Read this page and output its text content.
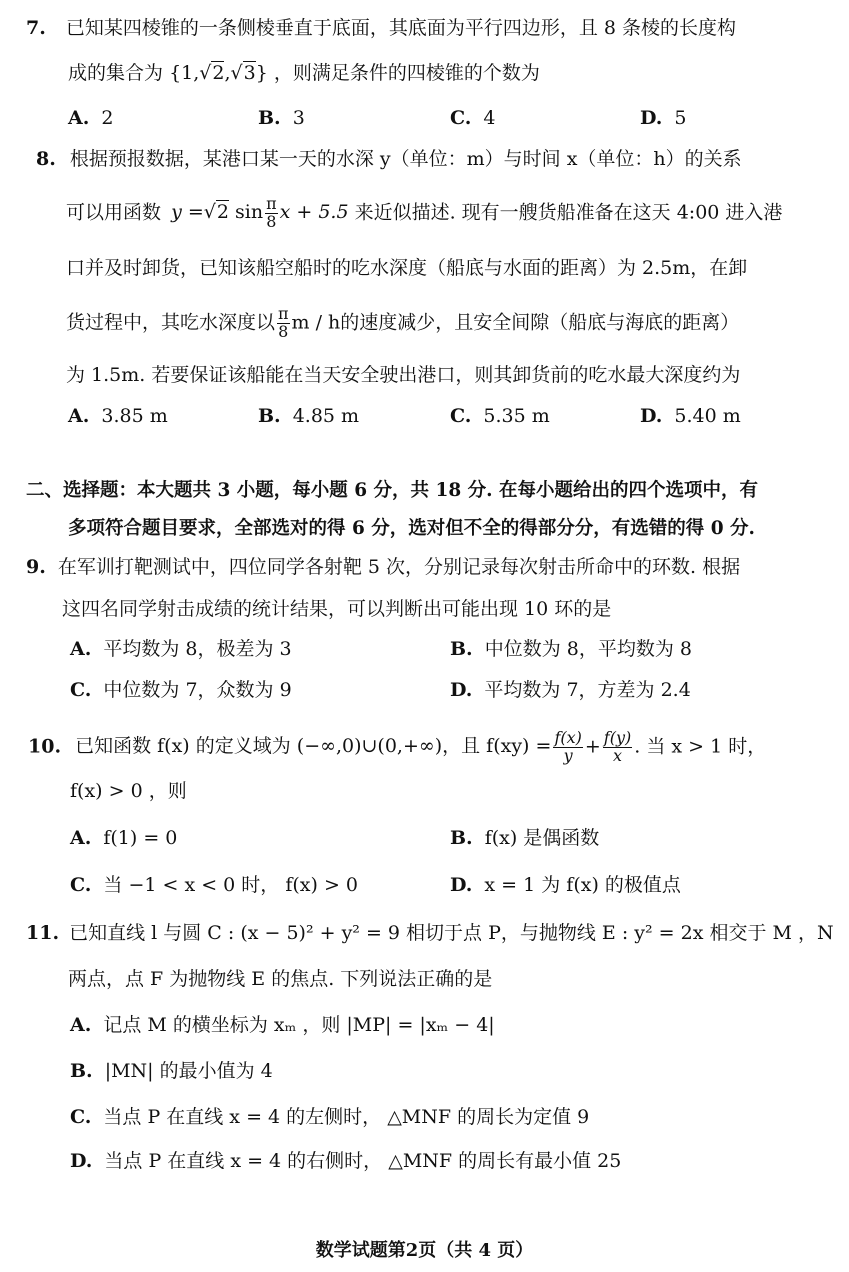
7. 已知某四棱锥的一条侧棱垂直于底面，其底面为平行四边形，且 8 条棱的长度构
成的集合为 {1,√2,√3} ，则满足条件的四棱锥的个数为
A. 2	B. 3	C. 4	D. 5
8. 根据预报数据，某港口某一天的水深 y（单位：m）与时间 x（单位：h）的关系
可以用函数 y =√2 $\sin \frac{\pi}{8}$ x + 5.5 来近似描述. 现有一艘货船准备在这天 4:00 进入港
口并及时卸货，已知该船空船时的吃水深度（船底与水面的距离）为 2.5m，在卸
货过程中，其吃水深度以 $\frac{\pi}{8}$ m / h的速度减少，且安全间隙（船底与海底的距离）
为 1.5m. 若要保证该船能在当天安全驶出港口，则其卸货前的吃水最大深度约为
A. 3.85 m	B. 4.85 m	C. 5.35 m	D. 5.40 m
二、选择题：本大题共 3 小题，每小题 6 分，共 18 分. 在每小题给出的四个选项中，有
多项符合题目要求，全部选对的得 6 分，选对但不全的得部分分，有选错的得 0 分.
9. 在军训打靶测试中，四位同学各射靶 5 次，分别记录每次射击所命中的环数. 根据
这四名同学射击成绩的统计结果，可以判断出可能出现 10 环的是
A. 平均数为 8，极差为 3	B. 中位数为 8，平均数为 8
C. 中位数为 7，众数为 9	D. 平均数为 7，方差为 2.4
10. 已知函数 f(x) 的定义域为 (−∞,0)∪(0,+∞)，且 $f(xy) = \frac{f(x)}{y} + \frac{f(y)}{x}$ . 当 x > 1 时，
f(x) > 0 ，则
A. f(1) = 0	B. f(x) 是偶函数
C. 当 −1 < x < 0 时， f(x) > 0	D. x = 1 为 f(x) 的极值点
11. 已知直线 l 与圆 C : (x − 5)² + y² = 9 相切于点 P，与抛物线 E : y² = 2x 相交于 M ，N
两点，点 F 为抛物线 E 的焦点. 下列说法正确的是
A. 记点 M 的横坐标为 xₘ ，则 |MP| = |xₘ − 4|
B. |MN| 的最小值为 4
C. 当点 P 在直线 x = 4 的左侧时， △MNF 的周长为定值 9
D. 当点 P 在直线 x = 4 的右侧时， △MNF 的周长有最小值 25
数学试题第2页（共 4 页）
